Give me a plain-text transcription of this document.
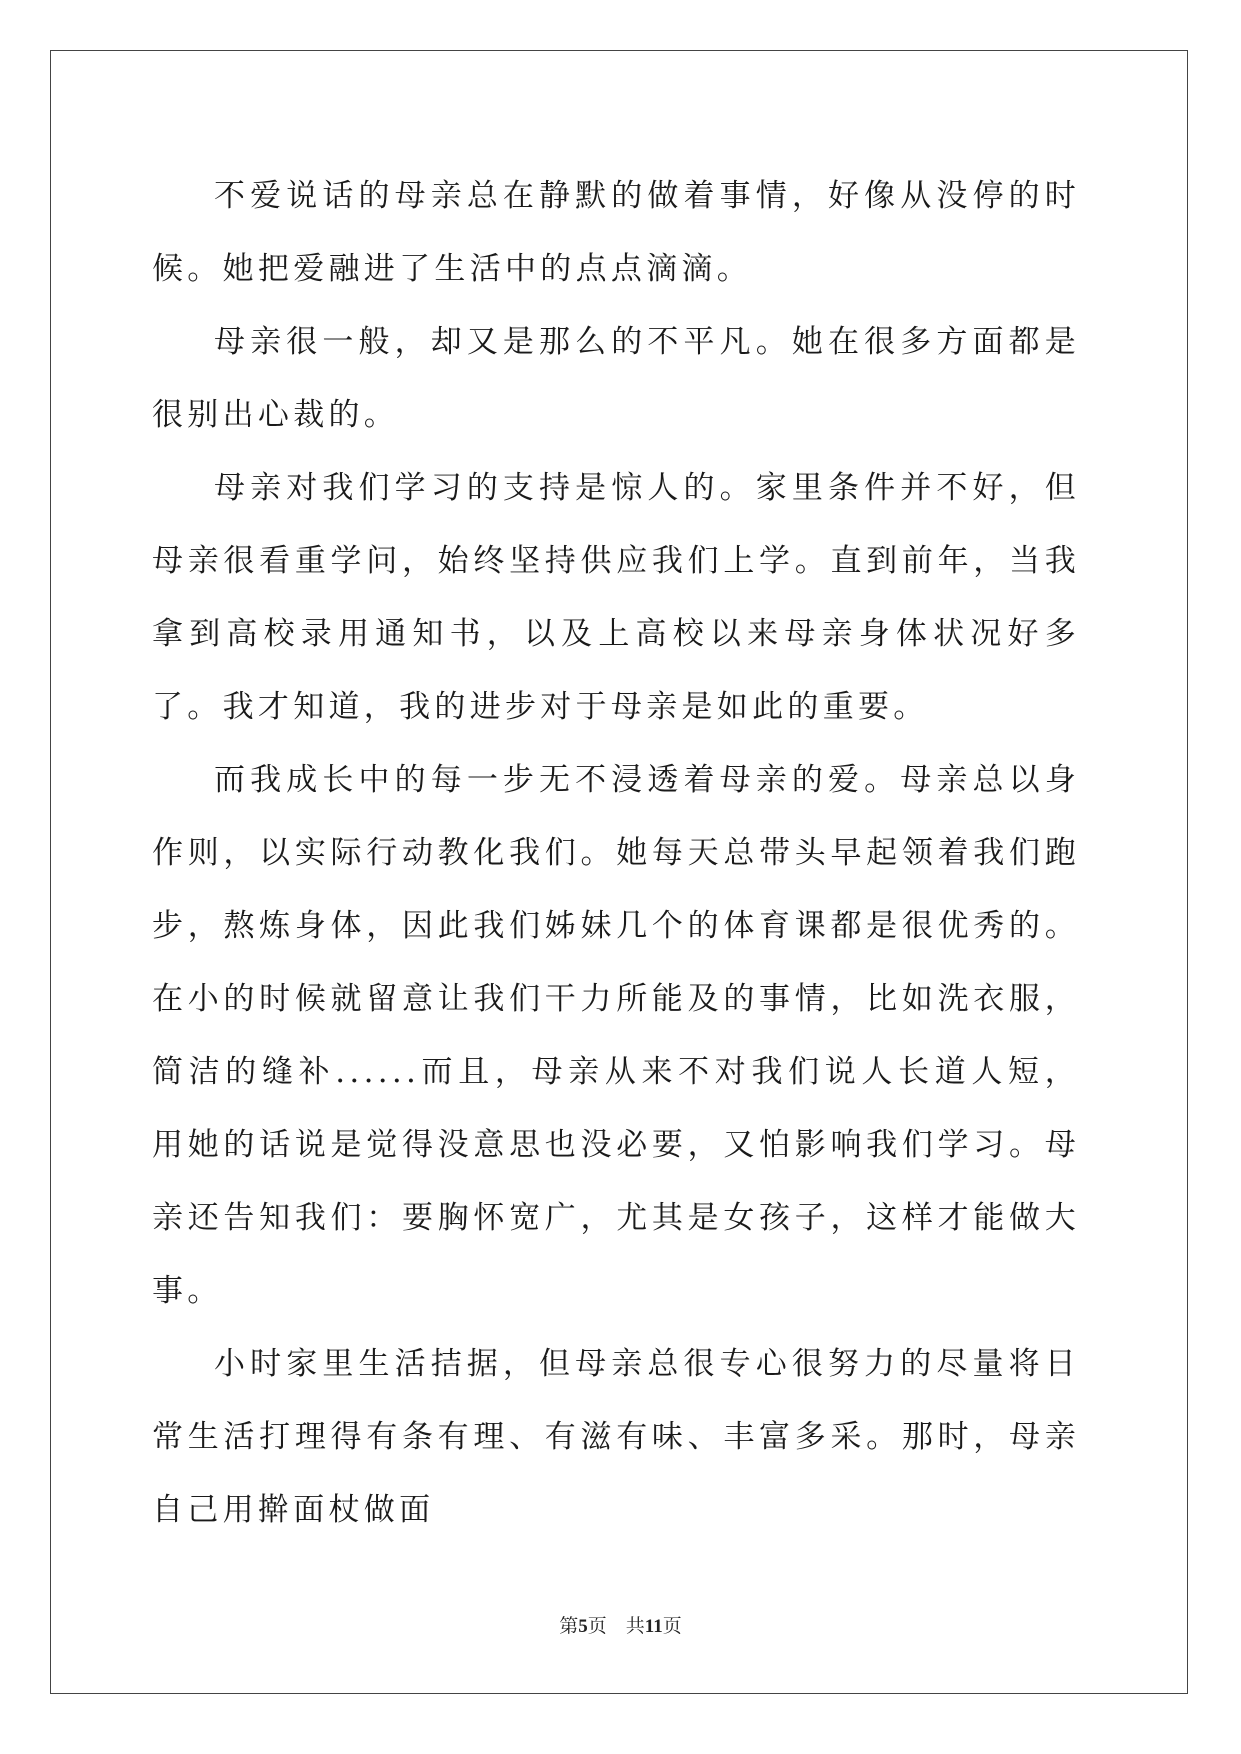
不爱说话的母亲总在静默的做着事情，好像从没停的时候。她把爱融进了生活中的点点滴滴。

母亲很一般，却又是那么的不平凡。她在很多方面都是很别出心裁的。

母亲对我们学习的支持是惊人的。家里条件并不好，但母亲很看重学问，始终坚持供应我们上学。直到前年，当我拿到高校录用通知书，以及上高校以来母亲身体状况好多了。我才知道，我的进步对于母亲是如此的重要。

而我成长中的每一步无不浸透着母亲的爱。母亲总以身作则，以实际行动教化我们。她每天总带头早起领着我们跑步，熬炼身体，因此我们姊妹几个的体育课都是很优秀的。在小的时候就留意让我们干力所能及的事情，比如洗衣服，简洁的缝补......而且，母亲从来不对我们说人长道人短，用她的话说是觉得没意思也没必要，又怕影响我们学习。母亲还告知我们：要胸怀宽广，尤其是女孩子，这样才能做大事。

小时家里生活拮据，但母亲总很专心很努力的尽量将日常生活打理得有条有理、有滋有味、丰富多采。那时，母亲自己用擀面杖做面

第5页 共11页
